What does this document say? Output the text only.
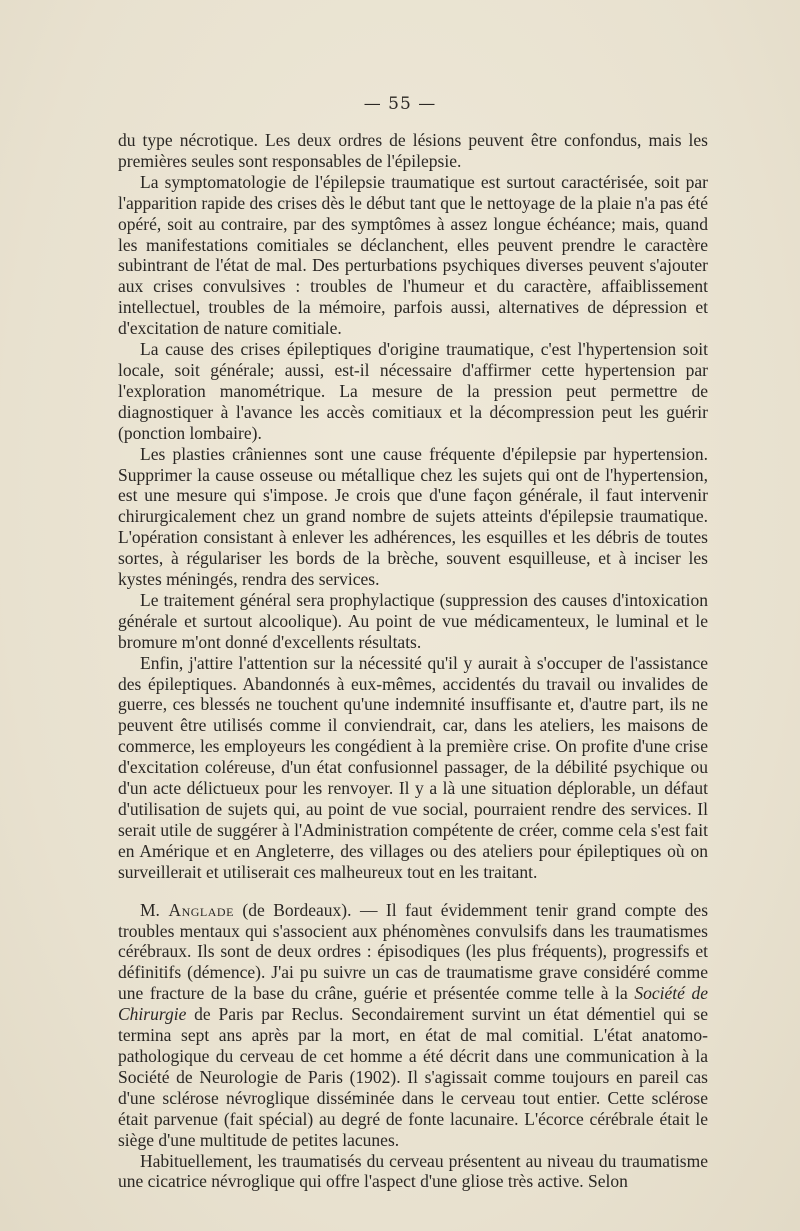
— 55 —

du type nécrotique. Les deux ordres de lésions peuvent être confondus, mais les premières seules sont responsables de l'épilepsie.

La symptomatologie de l'épilepsie traumatique est surtout caractérisée, soit par l'apparition rapide des crises dès le début tant que le nettoyage de la plaie n'a pas été opéré, soit au contraire, par des symptômes à assez longue échéance; mais, quand les manifestations comitiales se déclanchent, elles peuvent prendre le caractère subintrant de l'état de mal. Des perturbations psychiques diverses peuvent s'ajouter aux crises convulsives : troubles de l'humeur et du caractère, affaiblissement intellectuel, troubles de la mémoire, parfois aussi, alternatives de dépression et d'excitation de nature comitiale.

La cause des crises épileptiques d'origine traumatique, c'est l'hypertension soit locale, soit générale; aussi, est-il nécessaire d'affirmer cette hypertension par l'exploration manométrique. La mesure de la pression peut permettre de diagnostiquer à l'avance les accès comitiaux et la décompression peut les guérir (ponction lombaire).

Les plasties crâniennes sont une cause fréquente d'épilepsie par hypertension. Supprimer la cause osseuse ou métallique chez les sujets qui ont de l'hypertension, est une mesure qui s'impose. Je crois que d'une façon générale, il faut intervenir chirurgicalement chez un grand nombre de sujets atteints d'épilepsie traumatique. L'opération consistant à enlever les adhérences, les esquilles et les débris de toutes sortes, à régulariser les bords de la brèche, souvent esquilleuse, et à inciser les kystes méningés, rendra des services.

Le traitement général sera prophylactique (suppression des causes d'intoxication générale et surtout alcoolique). Au point de vue médicamenteux, le luminal et le bromure m'ont donné d'excellents résultats.

Enfin, j'attire l'attention sur la nécessité qu'il y aurait à s'occuper de l'assistance des épileptiques. Abandonnés à eux-mêmes, accidentés du travail ou invalides de guerre, ces blessés ne touchent qu'une indemnité insuffisante et, d'autre part, ils ne peuvent être utilisés comme il conviendrait, car, dans les ateliers, les maisons de commerce, les employeurs les congédient à la première crise. On profite d'une crise d'excitation coléreuse, d'un état confusionnel passager, de la débilité psychique ou d'un acte délictueux pour les renvoyer. Il y a là une situation déplorable, un défaut d'utilisation de sujets qui, au point de vue social, pourraient rendre des services. Il serait utile de suggérer à l'Administration compétente de créer, comme cela s'est fait en Amérique et en Angleterre, des villages ou des ateliers pour épileptiques où on surveillerait et utiliserait ces malheureux tout en les traitant.

M. Anglade (de Bordeaux). — Il faut évidemment tenir grand compte des troubles mentaux qui s'associent aux phénomènes convulsifs dans les traumatismes cérébraux. Ils sont de deux ordres : épisodiques (les plus fréquents), progressifs et définitifs (démence). J'ai pu suivre un cas de traumatisme grave considéré comme une fracture de la base du crâne, guérie et présentée comme telle à la Société de Chirurgie de Paris par Reclus. Secondairement survint un état démentiel qui se termina sept ans après par la mort, en état de mal comitial. L'état anatomo-pathologique du cerveau de cet homme a été décrit dans une communication à la Société de Neurologie de Paris (1902). Il s'agissait comme toujours en pareil cas d'une sclérose névroglique disséminée dans le cerveau tout entier. Cette sclérose était parvenue (fait spécial) au degré de fonte lacunaire. L'écorce cérébrale était le siège d'une multitude de petites lacunes.

Habituellement, les traumatisés du cerveau présentent au niveau du traumatisme une cicatrice névroglique qui offre l'aspect d'une gliose très active. Selon
